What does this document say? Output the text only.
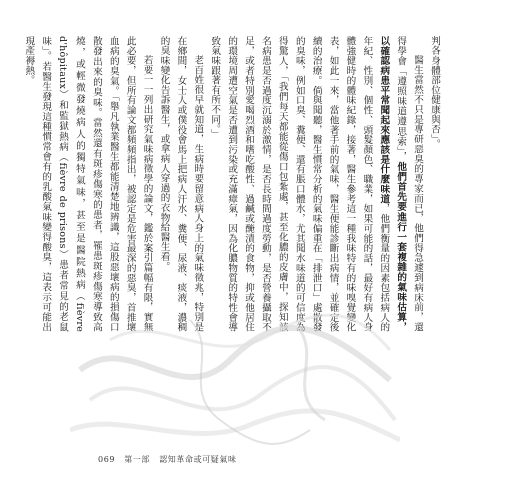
判各身體部位健康與否」。

醫生當然不只是專研惡臭的專家而已，他們得急遽到病床前，還得學會「遵照味道遵思索」，他們首先要進行一套複雜的氣味估算，以確認病患平常聞起來應該是什麼味道，他們衡量的因素包括病人的年紀、性別、個性、頭髮顏色、職業，如果可能的話，最好有病人身體強健時的體味紀錄，接著，醫生參考這一種我味特有的味嗅覺變化表，如此一來，當他著手前的氣味，醫生便能診斷出病情，並確定後續的治療。倘與聞聽，醫生慣常分析的氣味偏重在「排泄口」處散發的臭味，例如口臭、糞便、還有脹口體水，尤其聞水味道的可信度為得驚人，「我們每天都能從傷口包紮處，甚至化膿的皮膚中，探知該名病患是否過度沉溺於激情，是否長時間過度勞動，是否營養攝取不足，或者特別愛喝烈酒和嗜吃酸性、過鹹或醃漬的食物，抑或他居住的環境周遭空氣是否遭到污染或充滿瘴氣，因為化膿物質的特性會導致氣味跟著有所不同。」

老百姓很早就知道，生病時要留意病人身上的氣味徵兆，特別是在鄉間，女士人或僕役會馬上把病人汗水、糞便、尿液、痰液，濃稠的臭味變化告訴醫生，或拿病人穿過的衣物給醫生看。

若要一一列出研究氣味病徵學的論文，鑑於案引篇幅有限，實無此必要，但所有論文都頻頻指出，被認定是危害最深的惡臭，首推壞血病的臭氣。「舉凡執業醫生都能清楚地辨識，這股惡壞病的損傷口散發出來的臭味。當然還有斑疹傷寒的患者，罹患斑疹傷寒導致高燒，或輕微發燒病人的獨特氣味，甚至是醫院熱病（fièvre d'hôpitaux）和監獄熱病（fièvre de prisons）患者常見的老鼠味」。若醫生發現這種慣常會有的乳酸氣味變得酸臭，這表示可能出現產褥熱。

069 第一部 認知革命或可疑氣味
